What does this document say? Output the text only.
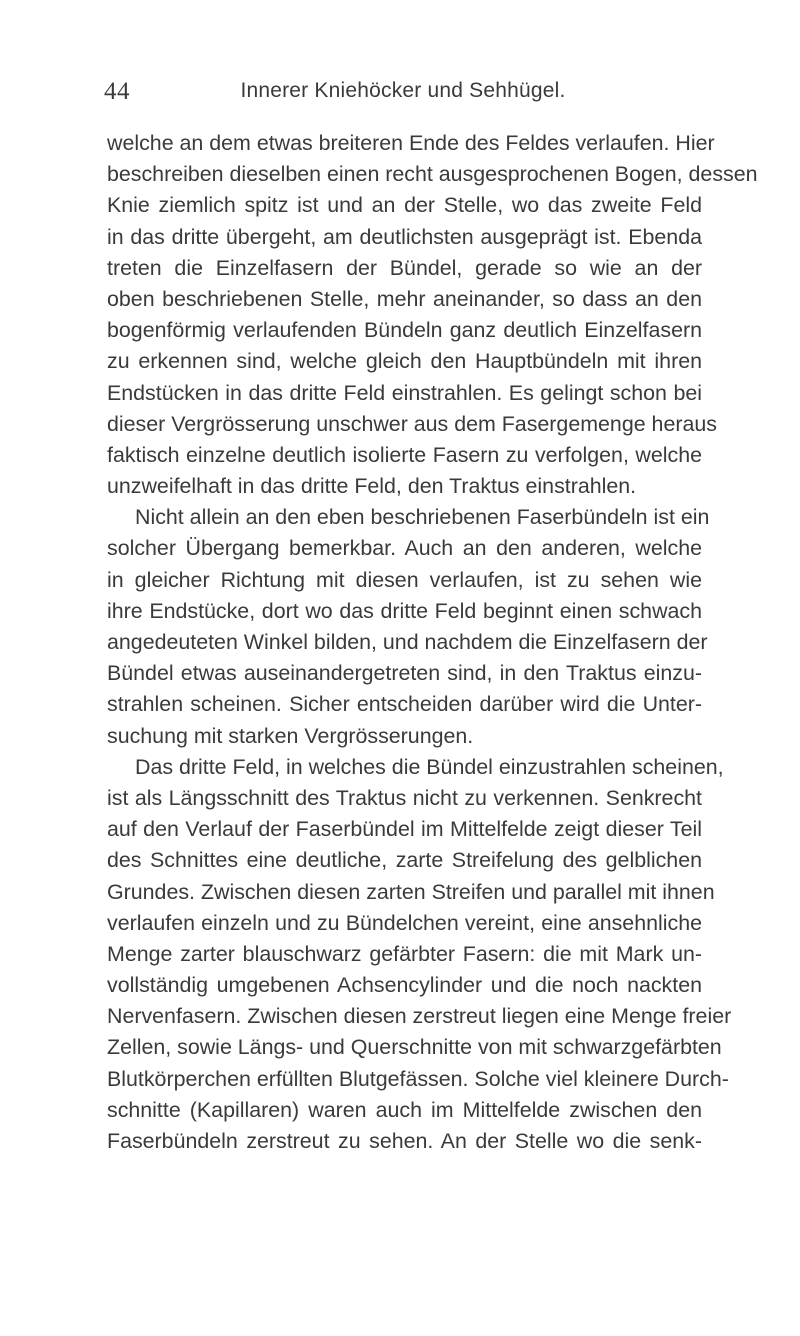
44	Innerer Kniehöcker und Sehhügel.
welche an dem etwas breiteren Ende des Feldes verlaufen. Hier
beschreiben dieselben einen recht ausgesprochenen Bogen, dessen
Knie ziemlich spitz ist und an der Stelle, wo das zweite Feld
in das dritte übergeht, am deutlichsten ausgeprägt ist. Ebenda
treten die Einzelfasern der Bündel, gerade so wie an der
oben beschriebenen Stelle, mehr aneinander, so dass an den
bogenförmig verlaufenden Bündeln ganz deutlich Einzelfasern
zu erkennen sind, welche gleich den Hauptbündeln mit ihren
Endstücken in das dritte Feld einstrahlen. Es gelingt schon bei
dieser Vergrösserung unschwer aus dem Fasergemenge heraus
faktisch einzelne deutlich isolierte Fasern zu verfolgen, welche
unzweifelhaft in das dritte Feld, den Traktus einstrahlen.
Nicht allein an den eben beschriebenen Faserbündeln ist ein
solcher Übergang bemerkbar. Auch an den anderen, welche
in gleicher Richtung mit diesen verlaufen, ist zu sehen wie
ihre Endstücke, dort wo das dritte Feld beginnt einen schwach
angedeuteten Winkel bilden, und nachdem die Einzelfasern der
Bündel etwas auseinandergetreten sind, in den Traktus einzu-
strahlen scheinen. Sicher entscheiden darüber wird die Unter-
suchung mit starken Vergrösserungen.
Das dritte Feld, in welches die Bündel einzustrahlen scheinen,
ist als Längsschnitt des Traktus nicht zu verkennen. Senkrecht
auf den Verlauf der Faserbündel im Mittelfelde zeigt dieser Teil
des Schnittes eine deutliche, zarte Streifelung des gelblichen
Grundes. Zwischen diesen zarten Streifen und parallel mit ihnen
verlaufen einzeln und zu Bündelchen vereint, eine ansehnliche
Menge zarter blauschwarz gefärbter Fasern: die mit Mark un-
vollständig umgebenen Achsencylinder und die noch nackten
Nervenfasern. Zwischen diesen zerstreut liegen eine Menge freier
Zellen, sowie Längs- und Querschnitte von mit schwarzgefärbten
Blutkörperchen erfüllten Blutgefässen. Solche viel kleinere Durch-
schnitte (Kapillaren) waren auch im Mittelfelde zwischen den
Faserbündeln zerstreut zu sehen. An der Stelle wo die senk-
